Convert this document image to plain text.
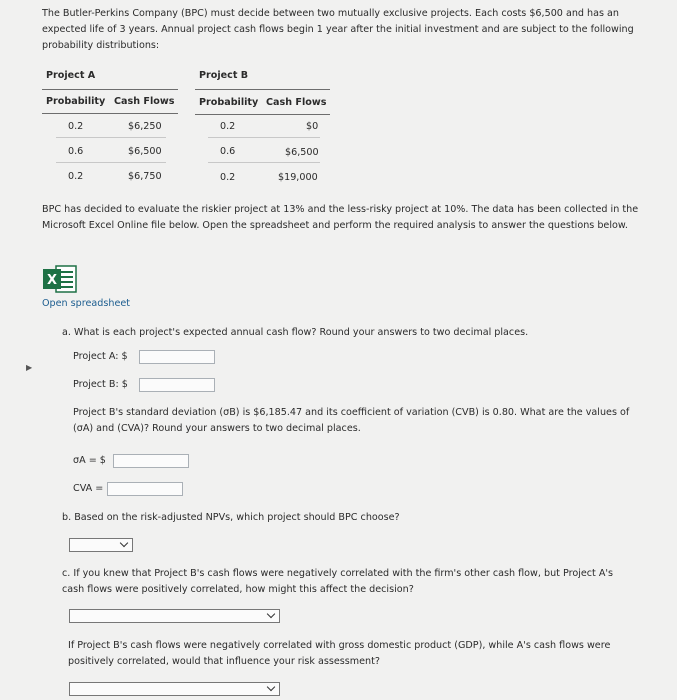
The Butler-Perkins Company (BPC) must decide between two mutually exclusive projects. Each costs $6,500 and has an expected life of 3 years. Annual project cash flows begin 1 year after the initial investment and are subject to the following probability distributions:
Project A
Probability Cash Flows
0.2	$6,250
0.6	$6,500
0.2	$6,750
Project B
Probability Cash Flows
0.2	$0
0.6	$6,500
0.2	$19,000
BPC has decided to evaluate the riskier project at 13% and the less-risky project at 10%. The data has been collected in the Microsoft Excel Online file below. Open the spreadsheet and perform the required analysis to answer the questions below.
X
Open spreadsheet
a. What is each project's expected annual cash flow? Round your answers to two decimal places.
Project A: $
Project B: $
▶
Project B's standard deviation (σB) is $6,185.47 and its coefficient of variation (CVB) is 0.80. What are the values of (σA) and (CVA)? Round your answers to two decimal places.
σA = $
CVA =
b. Based on the risk-adjusted NPVs, which project should BPC choose?
c. If you knew that Project B's cash flows were negatively correlated with the firm's other cash flow, but Project A's cash flows were positively correlated, how might this affect the decision?
If Project B's cash flows were negatively correlated with gross domestic product (GDP), while A's cash flows were positively correlated, would that influence your risk assessment?
